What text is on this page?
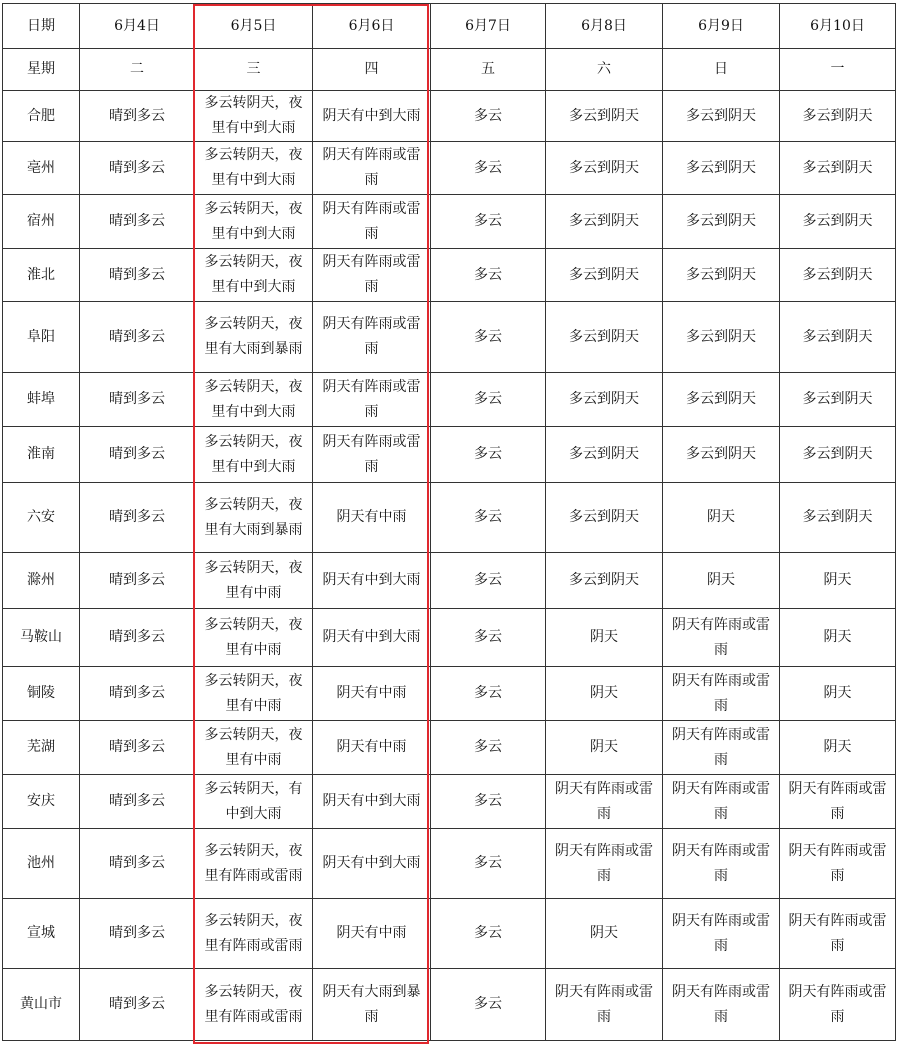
日期	6月4日	6月5日	6月6日	6月7日	6月8日	6月9日	6月10日
星期	二	三	四	五	六	日	一
合肥	晴到多云	多云转阴天，夜里有中到大雨	阴天有中到大雨	多云	多云到阴天	多云到阴天	多云到阴天
亳州	晴到多云	多云转阴天，夜里有中到大雨	阴天有阵雨或雷雨	多云	多云到阴天	多云到阴天	多云到阴天
宿州	晴到多云	多云转阴天，夜里有中到大雨	阴天有阵雨或雷雨	多云	多云到阴天	多云到阴天	多云到阴天
淮北	晴到多云	多云转阴天，夜里有中到大雨	阴天有阵雨或雷雨	多云	多云到阴天	多云到阴天	多云到阴天
阜阳	晴到多云	多云转阴天，夜里有大雨到暴雨	阴天有阵雨或雷雨	多云	多云到阴天	多云到阴天	多云到阴天
蚌埠	晴到多云	多云转阴天，夜里有中到大雨	阴天有阵雨或雷雨	多云	多云到阴天	多云到阴天	多云到阴天
淮南	晴到多云	多云转阴天，夜里有中到大雨	阴天有阵雨或雷雨	多云	多云到阴天	多云到阴天	多云到阴天
六安	晴到多云	多云转阴天，夜里有大雨到暴雨	阴天有中雨	多云	多云到阴天	阴天	多云到阴天
滁州	晴到多云	多云转阴天，夜里有中雨	阴天有中到大雨	多云	多云到阴天	阴天	阴天
马鞍山	晴到多云	多云转阴天，夜里有中雨	阴天有中到大雨	多云	阴天	阴天有阵雨或雷雨	阴天
铜陵	晴到多云	多云转阴天，夜里有中雨	阴天有中雨	多云	阴天	阴天有阵雨或雷雨	阴天
芜湖	晴到多云	多云转阴天，夜里有中雨	阴天有中雨	多云	阴天	阴天有阵雨或雷雨	阴天
安庆	晴到多云	多云转阴天，有中到大雨	阴天有中到大雨	多云	阴天有阵雨或雷雨	阴天有阵雨或雷雨	阴天有阵雨或雷雨
池州	晴到多云	多云转阴天，夜里有阵雨或雷雨	阴天有中到大雨	多云	阴天有阵雨或雷雨	阴天有阵雨或雷雨	阴天有阵雨或雷雨
宣城	晴到多云	多云转阴天，夜里有阵雨或雷雨	阴天有中雨	多云	阴天	阴天有阵雨或雷雨	阴天有阵雨或雷雨
黄山市	晴到多云	多云转阴天，夜里有阵雨或雷雨	阴天有大雨到暴雨	多云	阴天有阵雨或雷雨	阴天有阵雨或雷雨	阴天有阵雨或雷雨
